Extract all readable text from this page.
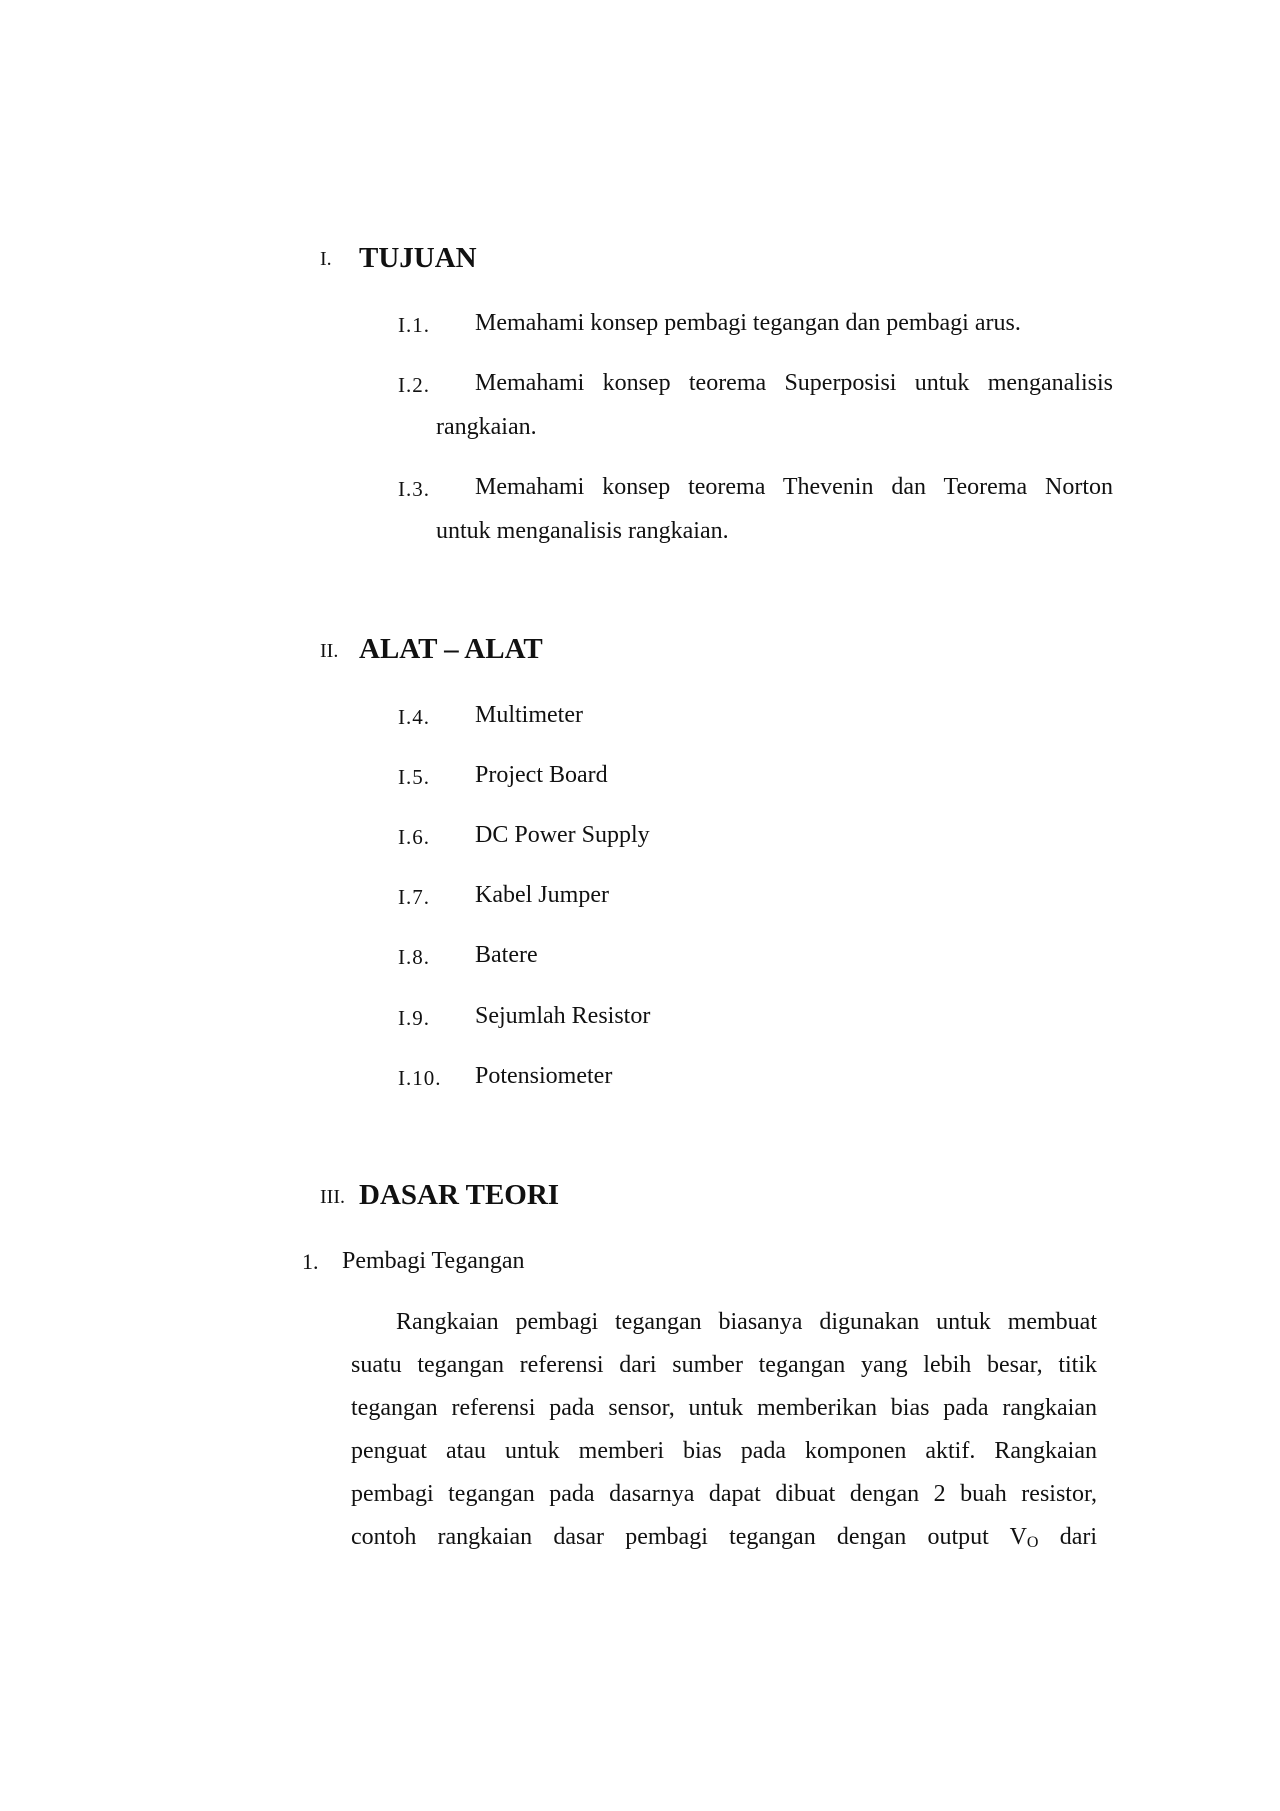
I. TUJUAN
I.1. Memahami konsep pembagi tegangan dan pembagi arus.
I.2. Memahami konsep teorema Superposisi untuk menganalisis
rangkaian.
I.3. Memahami konsep teorema Thevenin dan Teorema Norton
untuk menganalisis rangkaian.
II. ALAT – ALAT
I.4. Multimeter
I.5. Project Board
I.6. DC Power Supply
I.7. Kabel Jumper
I.8. Batere
I.9. Sejumlah Resistor
I.10. Potensiometer
III. DASAR TEORI
1. Pembagi Tegangan
Rangkaian pembagi tegangan biasanya digunakan untuk membuat
suatu tegangan referensi dari sumber tegangan yang lebih besar, titik
tegangan referensi pada sensor, untuk memberikan bias pada rangkaian
penguat atau untuk memberi bias pada komponen aktif. Rangkaian
pembagi tegangan pada dasarnya dapat dibuat dengan 2 buah resistor,
contoh rangkaian dasar pembagi tegangan dengan output $V_O$ dari
